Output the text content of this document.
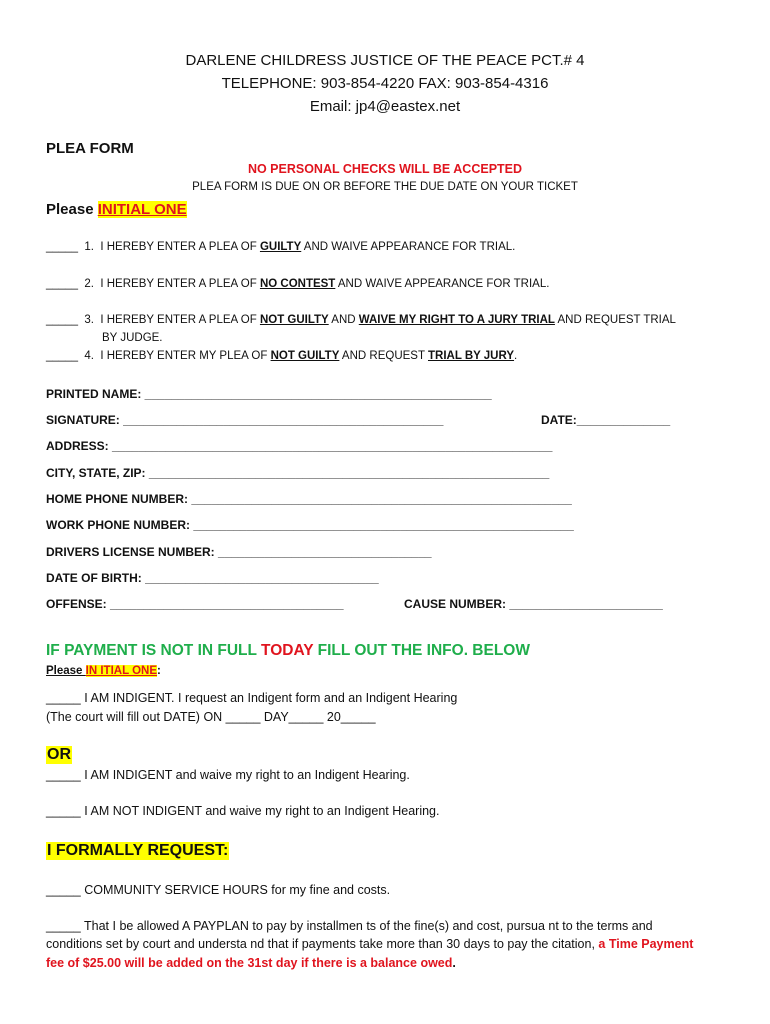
DARLENE CHILDRESS JUSTICE OF THE PEACE PCT.# 4
TELEPHONE: 903-854-4220 FAX: 903-854-4316
Email: jp4@eastex.net
PLEA FORM
NO PERSONAL CHECKS WILL BE ACCEPTED
PLEA FORM IS DUE ON OR BEFORE THE DUE DATE ON YOUR TICKET
Please INITIAL ONE
_____ 1. I HEREBY ENTER A PLEA OF GUILTY AND WAIVE APPEARANCE FOR TRIAL.
_____ 2. I HEREBY ENTER A PLEA OF NO CONTEST AND WAIVE APPEARANCE FOR TRIAL.
_____ 3. I HEREBY ENTER A PLEA OF NOT GUILTY AND WAIVE MY RIGHT TO A JURY TRIAL AND REQUEST TRIAL
BY JUDGE.
_____ 4. I HEREBY ENTER MY PLEA OF NOT GUILTY AND REQUEST TRIAL BY JURY.
PRINTED NAME: ____________________________________________________
SIGNATURE: ________________________________________________	DATE:______________
ADDRESS: __________________________________________________________________
CITY, STATE, ZIP: ____________________________________________________________
HOME PHONE NUMBER: _________________________________________________________
WORK PHONE NUMBER: _________________________________________________________
DRIVERS LICENSE NUMBER: ________________________________
DATE OF BIRTH: ___________________________________
OFFENSE: ___________________________________	CAUSE NUMBER: _______________________
IF PAYMENT IS NOT IN FULL TODAY FILL OUT THE INFO. BELOW
Please IN ITIAL ONE:
_____ I AM INDIGENT. I request an Indigent form and an Indigent Hearing
(The court will fill out DATE) ON _____ DAY_____ 20_____
OR
_____ I AM INDIGENT and waive my right to an Indigent Hearing.
_____ I AM NOT INDIGENT and waive my right to an Indigent Hearing.
I FORMALLY REQUEST:
_____ COMMUNITY SERVICE HOURS for my fine and costs.
_____ That I be allowed A PAYPLAN to pay by installmen ts of the fine(s) and cost, pursua nt to the terms and
conditions set by court and understa nd that if payments take more than 30 days to pay the citation, a Time Payment
fee of $25.00 will be added on the 31st day if there is a balance owed.
